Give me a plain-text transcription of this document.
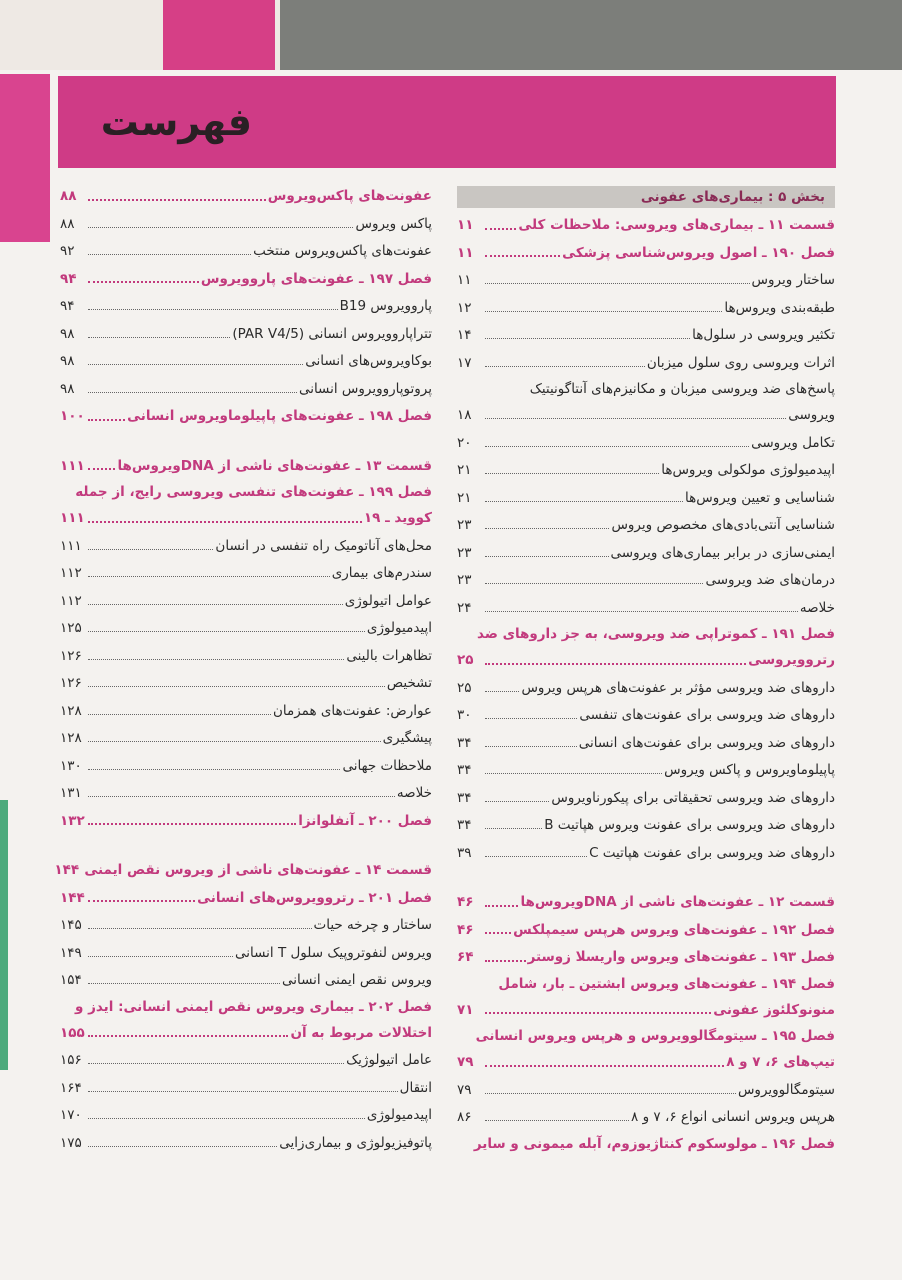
فهرست
بخش ۵ : بیماری‌های عفونی
قسمت ۱۱ ـ بیماری‌های ویروسی: ملاحظات کلی
۱۱
فصل ۱۹۰ ـ اصول ویروس‌شناسی پزشکی
۱۱
ساختار ویروس
۱۱
طبقه‌بندی ویروس‌ها
۱۲
تکثیر ویروسی در سلول‌ها
۱۴
اثرات ویروسی روی سلول میزبان
۱۷
پاسخ‌های ضد ویروسی میزبان و مکانیزم‌های آنتاگونیتیک
ویروسی
۱۸
تکامل ویروسی
۲۰
اپیدمیولوژی مولکولی ویروس‌ها
۲۱
شناسایی و تعیین ویروس‌ها
۲۱
شناسایی آنتی‌بادی‌های مخصوص ویروس
۲۳
ایمنی‌سازی در برابر بیماری‌های ویروسی
۲۳
درمان‌های ضد ویروسی
۲۳
خلاصه
۲۴
فصل ۱۹۱ ـ کموتراپی ضد ویروسی، به جز داروهای ضد
رتروویروسی
۲۵
داروهای ضد ویروسی مؤثر بر عفونت‌های هرپس ویروس
۲۵
داروهای ضد ویروسی برای عفونت‌های تنفسی
۳۰
داروهای ضد ویروسی برای عفونت‌های انسانی
۳۴
پاپیلوماویروس و پاکس ویروس
۳۴
داروهای ضد ویروسی تحقیقاتی برای پیکورناویروس
۳۴
داروهای ضد ویروسی برای عفونت ویروس هپاتیت B
۳۴
داروهای ضد ویروسی برای عفونت هپاتیت C
۳۹
قسمت ۱۲ ـ عفونت‌های ناشی از DNAویروس‌ها
۴۶
فصل ۱۹۲ ـ عفونت‌های ویروس هرپس سیمپلکس
۴۶
فصل ۱۹۳ ـ عفونت‌های ویروس واریسلا زوستر
۶۴
فصل ۱۹۴ ـ عفونت‌های ویروس ابشتین ـ بار، شامل
منونوکلئوز عفونی
۷۱
فصل ۱۹۵ ـ سیتومگالوویروس و هرپس ویروس انسانی
تیپ‌های ۶، ۷ و ۸
۷۹
سیتومگالوویروس
۷۹
هرپس ویروس انسانی انواع ۶، ۷ و ۸
۸۶
فصل ۱۹۶ ـ مولوسکوم کنتاژیوزوم، آبله میمونی و سایر
عفونت‌های پاکس‌ویروس
۸۸
پاکس ویروس
۸۸
عفونت‌های پاکس‌ویروس منتخب
۹۲
فصل ۱۹۷ ـ عفونت‌های پاروویروس
۹۴
پاروویروس B19
۹۴
تتراپاروویروس انسانی (PAR V4/5)
۹۸
بوکاویروس‌های انسانی
۹۸
پروتوپاروویروس انسانی
۹۸
فصل ۱۹۸ ـ عفونت‌های پاپیلوماویروس انسانی
۱۰۰
قسمت ۱۳ ـ عفونت‌های ناشی از DNAویروس‌ها
۱۱۱
فصل ۱۹۹ ـ عفونت‌های تنفسی ویروسی رایج، از جمله
کووید ـ ۱۹
۱۱۱
محل‌های آناتومیک راه تنفسی در انسان
۱۱۱
سندرم‌های بیماری
۱۱۲
عوامل اتیولوژی
۱۱۲
اپیدمیولوژی
۱۲۵
تظاهرات بالینی
۱۲۶
تشخیص
۱۲۶
عوارض: عفونت‌های همزمان
۱۲۸
پیشگیری
۱۲۸
ملاحظات جهانی
۱۳۰
خلاصه
۱۳۱
فصل ۲۰۰ ـ آنفلوانزا
۱۳۲
قسمت ۱۴ ـ عفونت‌های ناشی از ویروس نقص ایمنی
۱۴۴
فصل ۲۰۱ ـ رتروویروس‌های انسانی
۱۴۴
ساختار و چرخه حیات
۱۴۵
ویروس لنفوتروپیک سلول T انسانی
۱۴۹
ویروس نقص ایمنی انسانی
۱۵۴
فصل ۲۰۲ ـ بیماری ویروس نقص ایمنی انسانی: ایدز و
اختلالات مربوط به آن
۱۵۵
عامل اتیولوژیک
۱۵۶
انتقال
۱۶۴
اپیدمیولوژی
۱۷۰
پاتوفیزیولوژی و بیماری‌زایی
۱۷۵
